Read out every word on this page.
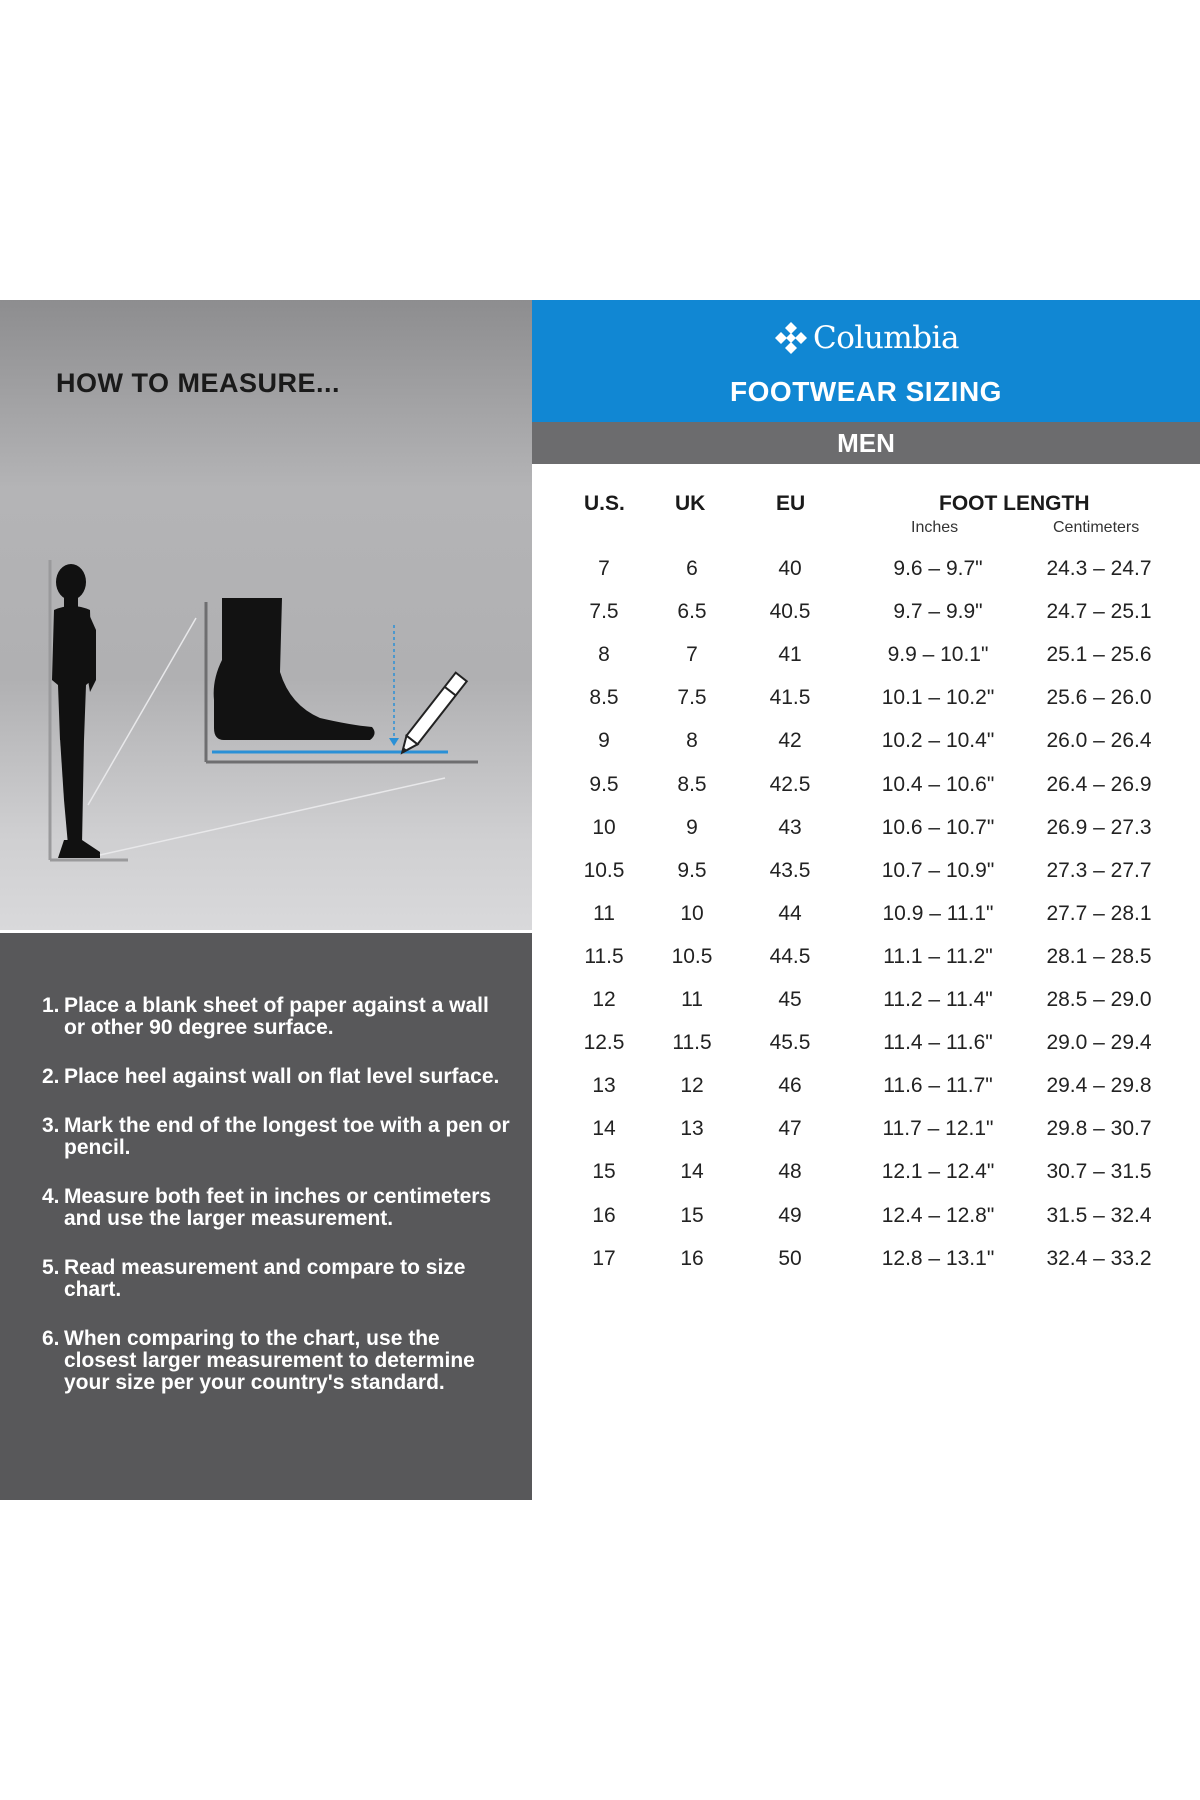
HOW TO MEASURE...
1. Place a blank sheet of paper against a wall or other 90 degree surface.
2. Place heel against wall on flat level surface.
3. Mark the end of the longest toe with a pen or pencil.
4. Measure both feet in inches or centimeters and use the larger measurement.
5. Read measurement and compare to size chart.
6. When comparing to the chart, use the closest larger measurement to determine your size per your country's standard.
Columbia
FOOTWEAR SIZING
MEN
U.S. UK	EU	FOOT LENGTH
Inches	Centimeters
7	6	40	9.6 – 9.7"	24.3 – 24.7
7.5	6.5	40.5	9.7 – 9.9"	24.7 – 25.1
8	7	41	9.9 – 10.1"	25.1 – 25.6
8.5	7.5	41.5	10.1 – 10.2" 25.6 – 26.0
9	8	42	10.2 – 10.4" 26.0 – 26.4
9.5	8.5	42.5	10.4 – 10.6" 26.4 – 26.9
10	9	43	10.6 – 10.7" 26.9 – 27.3
10.5	9.5	43.5	10.7 – 10.9" 27.3 – 27.7
11	10	44	10.9 – 11.1"	27.7 – 28.1
11.5 10.5	44.5	11.1 – 11.2"	28.1 – 28.5
12	11	45	11.2 – 11.4"	28.5 – 29.0
12.5 11.5	45.5	11.4 – 11.6"	29.0 – 29.4
13	12	46	11.6 – 11.7"	29.4 – 29.8
14	13	47	11.7 – 12.1"	29.8 – 30.7
15	14	48	12.1 – 12.4" 30.7 – 31.5
16	15	49	12.4 – 12.8" 31.5 – 32.4
17	16	50	12.8 – 13.1" 32.4 – 33.2
